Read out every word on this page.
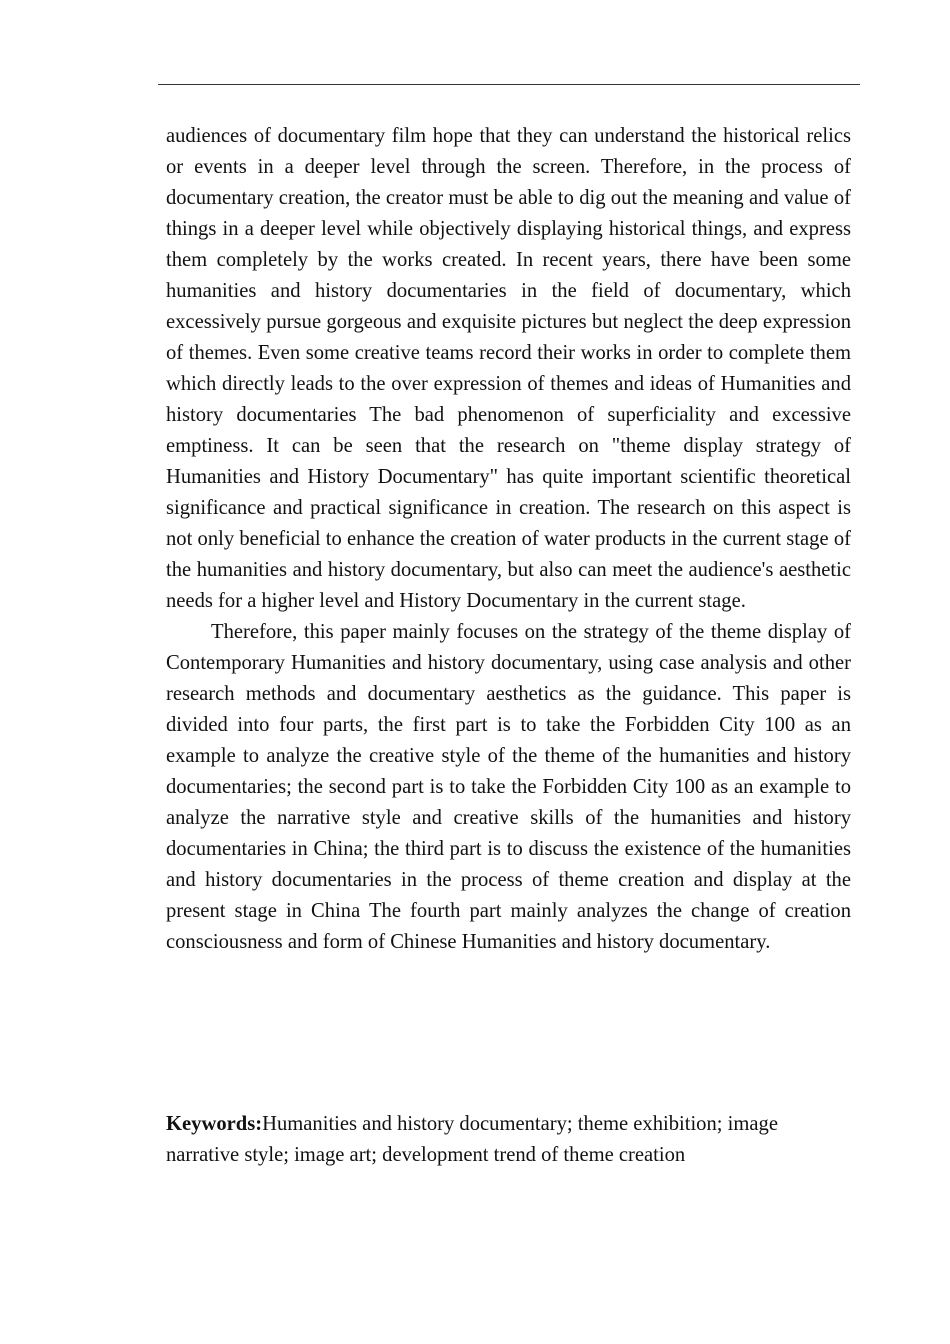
audiences of documentary film hope that they can understand the historical relics or events in a deeper level through the screen. Therefore, in the process of documentary creation, the creator must be able to dig out the meaning and value of things in a deeper level while objectively displaying historical things, and express them completely by the works created. In recent years, there have been some humanities and history documentaries in the field of documentary, which excessively pursue gorgeous and exquisite pictures but neglect the deep expression of themes. Even some creative teams record their works in order to complete them which directly leads to the over expression of themes and ideas of Humanities and history documentaries The bad phenomenon of superficiality and excessive emptiness. It can be seen that the research on "theme display strategy of Humanities and History Documentary" has quite important scientific theoretical significance and practical significance in creation. The research on this aspect is not only beneficial to enhance the creation of water products in the current stage of the humanities and history documentary, but also can meet the audience's aesthetic needs for a higher level and History Documentary in the current stage.

Therefore, this paper mainly focuses on the strategy of the theme display of Contemporary Humanities and history documentary, using case analysis and other research methods and documentary aesthetics as the guidance. This paper is divided into four parts, the first part is to take the Forbidden City 100 as an example to analyze the creative style of the theme of the humanities and history documentaries; the second part is to take the Forbidden City 100 as an example to analyze the narrative style and creative skills of the humanities and history documentaries in China; the third part is to discuss the existence of the humanities and history documentaries in the process of theme creation and display at the present stage in China The fourth part mainly analyzes the change of creation consciousness and form of Chinese Humanities and history documentary.

Keywords:Humanities and history documentary; theme exhibition; image narrative style; image art; development trend of theme creation
